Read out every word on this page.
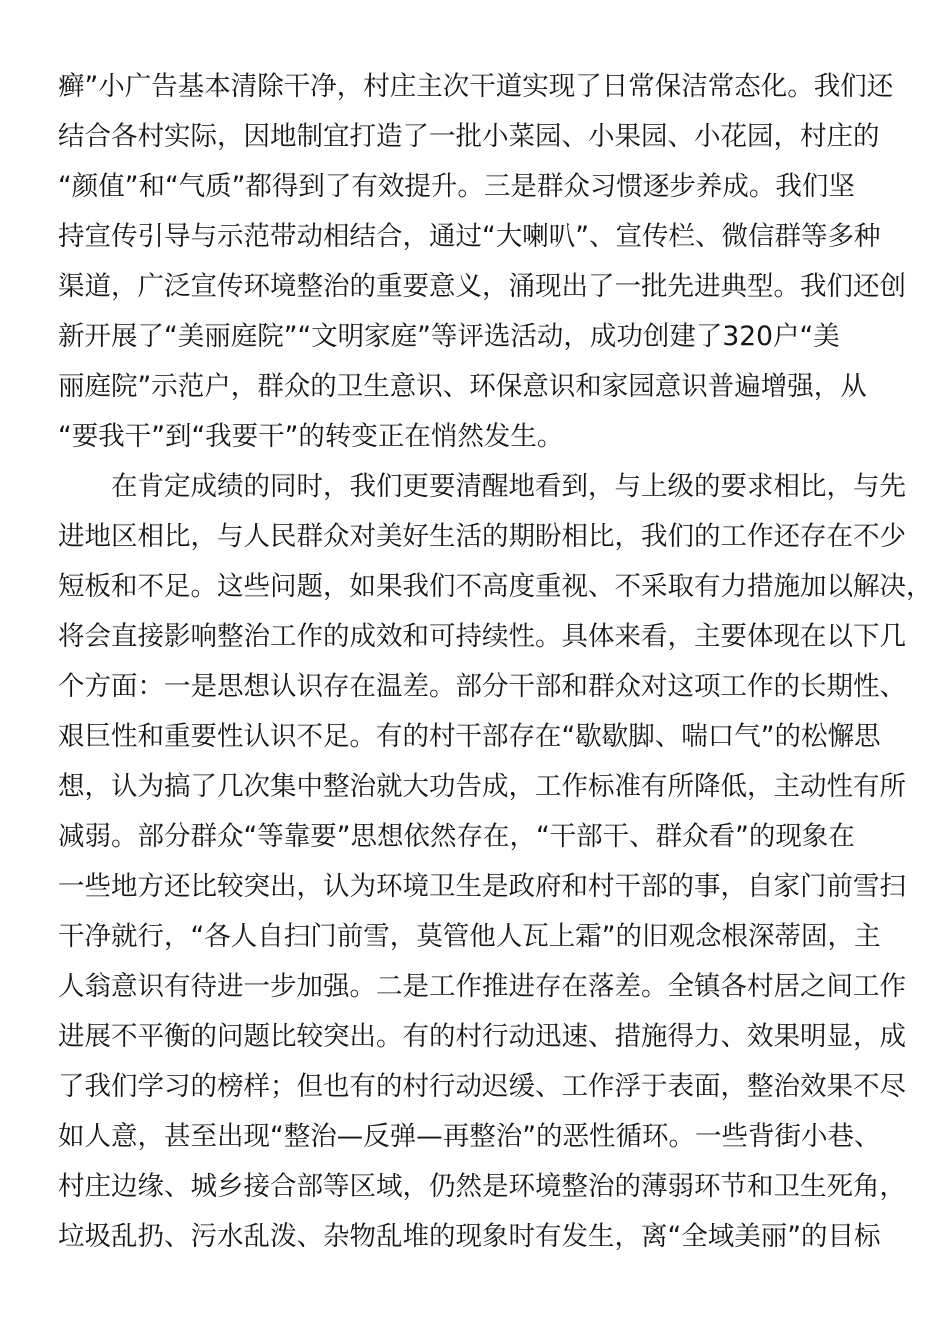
癣”小广告基本清除干净，村庄主次干道实现了日常保洁常态化。我们还
结合各村实际，因地制宜打造了一批小菜园、小果园、小花园，村庄的
“颜值”和“气质”都得到了有效提升。三是群众习惯逐步养成。我们坚
持宣传引导与示范带动相结合，通过“大喇叭”、宣传栏、微信群等多种
渠道，广泛宣传环境整治的重要意义，涌现出了一批先进典型。我们还创
新开展了“美丽庭院”“文明家庭”等评选活动，成功创建了320户“美
丽庭院”示范户，群众的卫生意识、环保意识和家园意识普遍增强，从
“要我干”到“我要干”的转变正在悄然发生。
在肯定成绩的同时，我们更要清醒地看到，与上级的要求相比，与先
进地区相比，与人民群众对美好生活的期盼相比，我们的工作还存在不少
短板和不足。这些问题，如果我们不高度重视、不采取有力措施加以解决，
将会直接影响整治工作的成效和可持续性。具体来看，主要体现在以下几
个方面：一是思想认识存在温差。部分干部和群众对这项工作的长期性、
艰巨性和重要性认识不足。有的村干部存在“歇歇脚、喘口气”的松懈思
想，认为搞了几次集中整治就大功告成，工作标准有所降低，主动性有所
减弱。部分群众“等靠要”思想依然存在，“干部干、群众看”的现象在
一些地方还比较突出，认为环境卫生是政府和村干部的事，自家门前雪扫
干净就行，“各人自扫门前雪，莫管他人瓦上霜”的旧观念根深蒂固，主
人翁意识有待进一步加强。二是工作推进存在落差。全镇各村居之间工作
进展不平衡的问题比较突出。有的村行动迅速、措施得力、效果明显，成
了我们学习的榜样；但也有的村行动迟缓、工作浮于表面，整治效果不尽
如人意，甚至出现“整治—反弹—再整治”的恶性循环。一些背街小巷、
村庄边缘、城乡接合部等区域，仍然是环境整治的薄弱环节和卫生死角，
垃圾乱扔、污水乱泼、杂物乱堆的现象时有发生，离“全域美丽”的目标
